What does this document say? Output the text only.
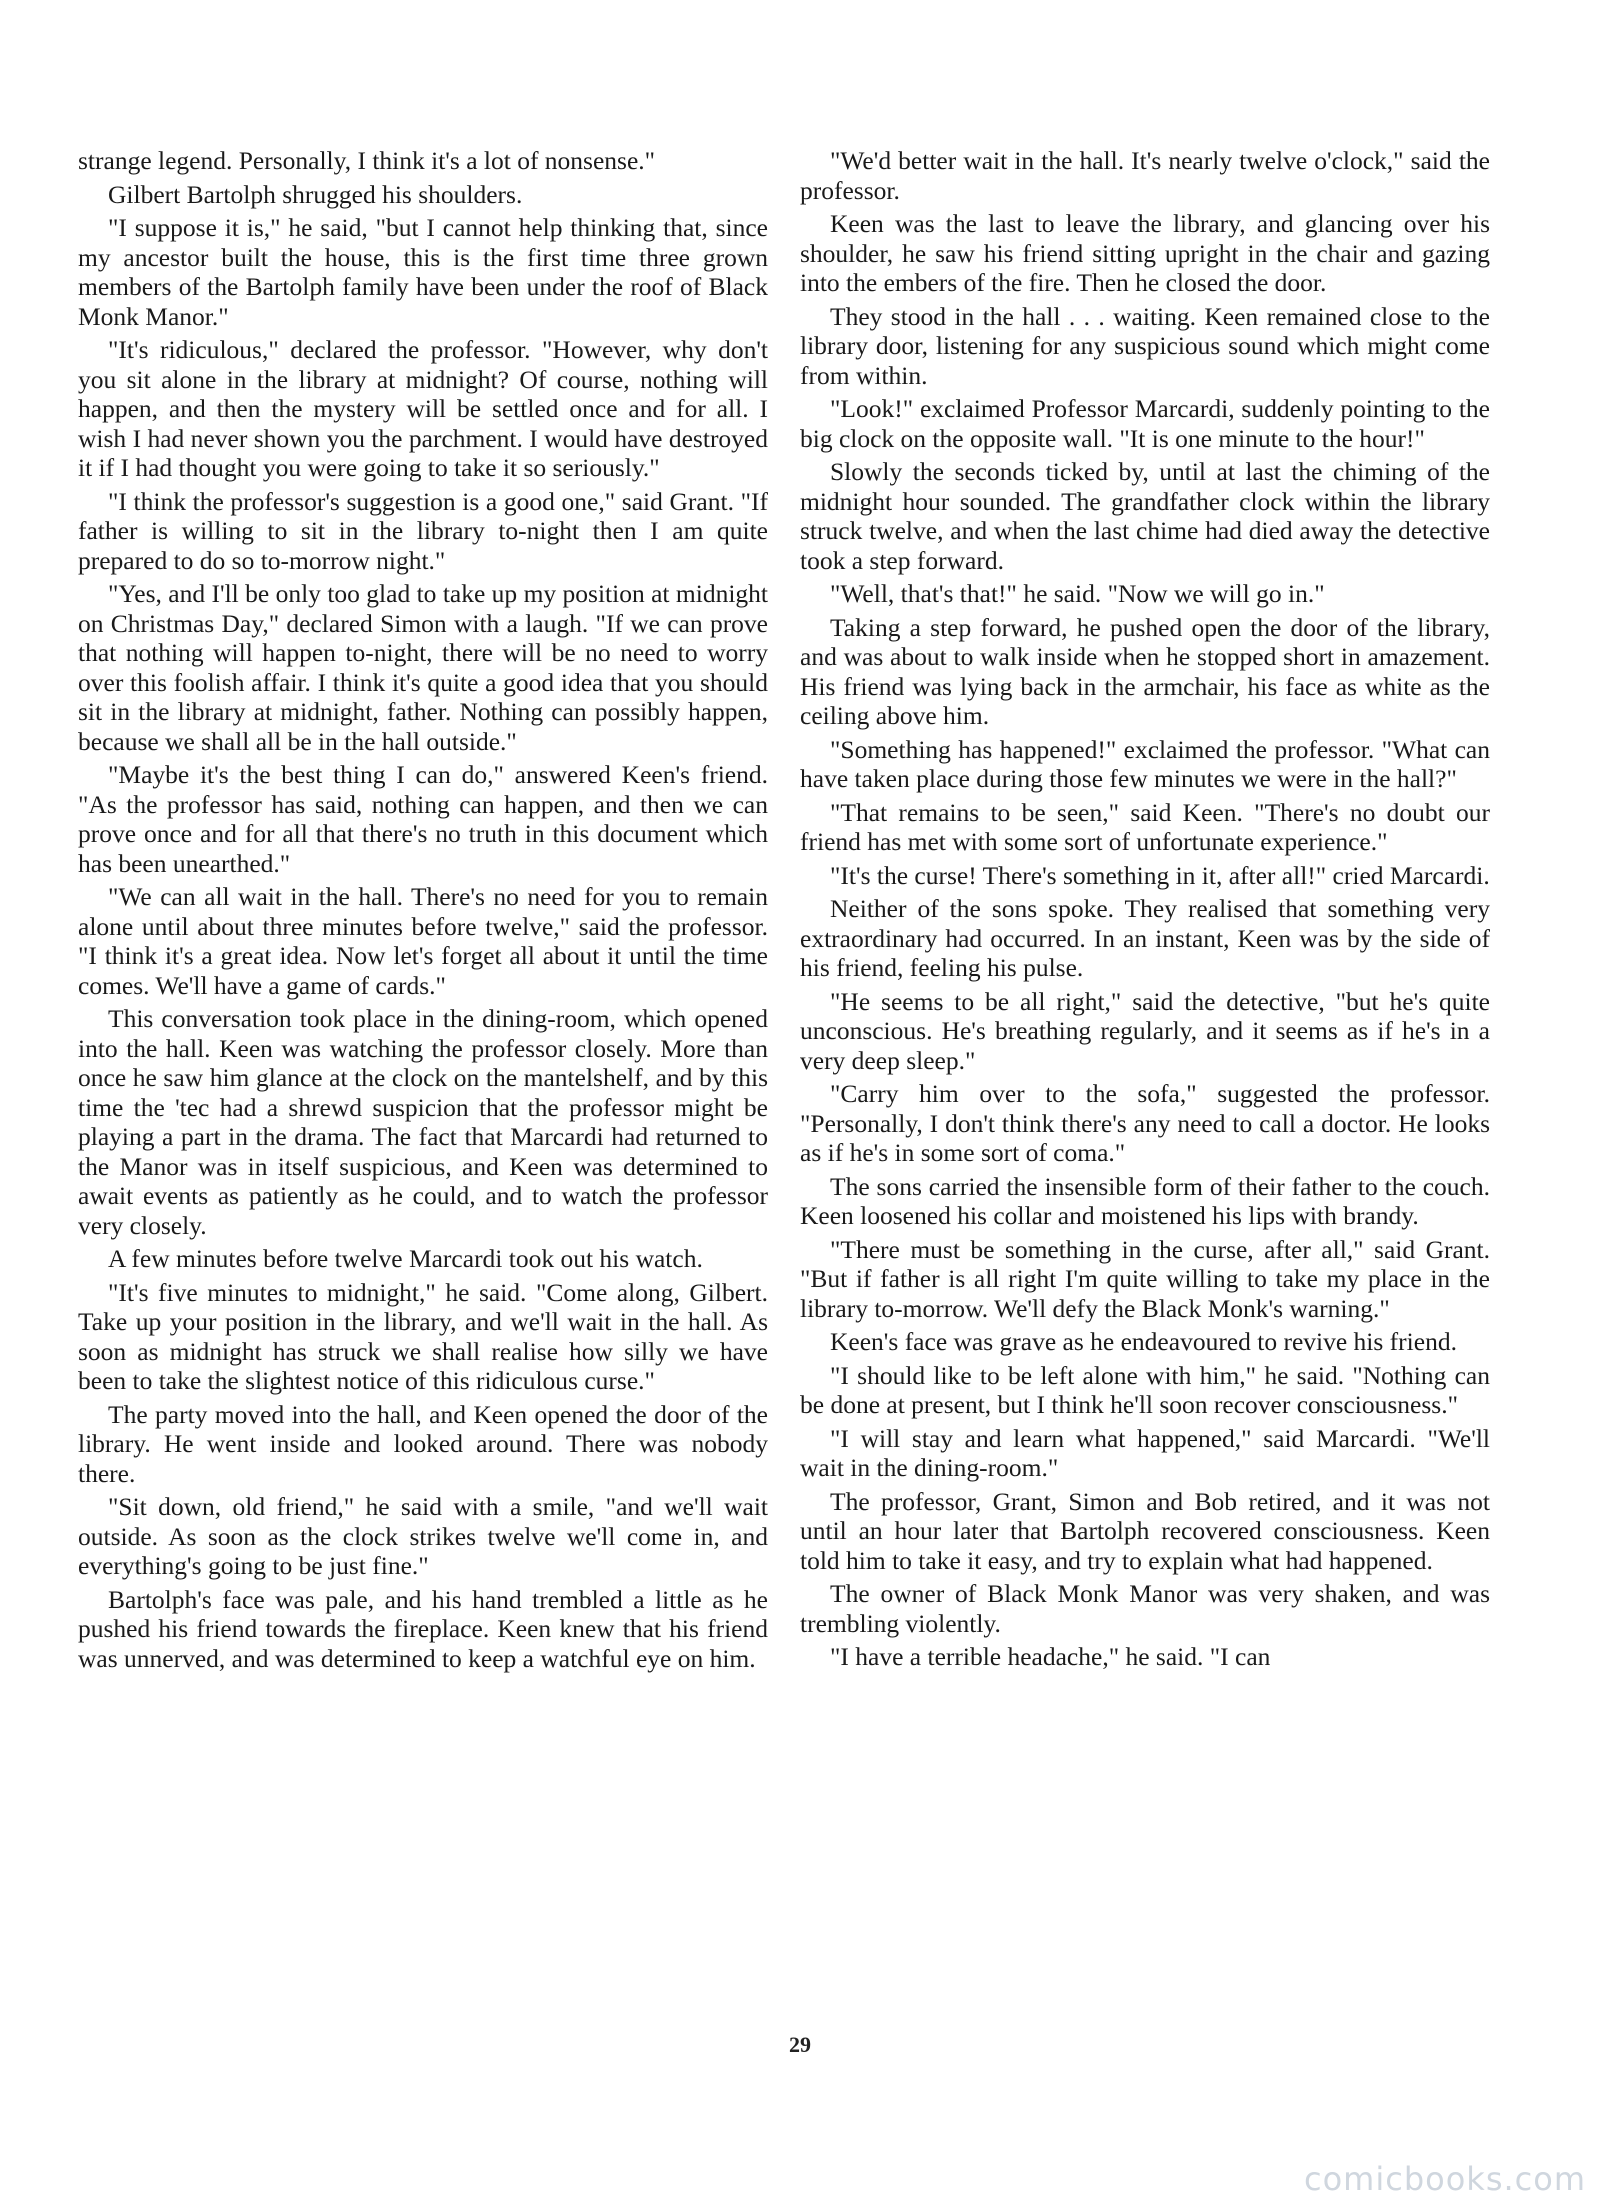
strange legend. Personally, I think it's a lot of nonsense."

Gilbert Bartolph shrugged his shoulders.

"I suppose it is," he said, "but I cannot help thinking that, since my ancestor built the house, this is the first time three grown members of the Bartolph family have been under the roof of Black Monk Manor."

"It's ridiculous," declared the professor. "However, why don't you sit alone in the library at midnight? Of course, nothing will happen, and then the mystery will be settled once and for all. I wish I had never shown you the parchment. I would have destroyed it if I had thought you were going to take it so seriously."

"I think the professor's suggestion is a good one," said Grant. "If father is willing to sit in the library to-night then I am quite prepared to do so to-morrow night."

"Yes, and I'll be only too glad to take up my position at midnight on Christmas Day," declared Simon with a laugh. "If we can prove that nothing will happen to-night, there will be no need to worry over this foolish affair. I think it's quite a good idea that you should sit in the library at midnight, father. Nothing can possibly happen, because we shall all be in the hall outside."

"Maybe it's the best thing I can do," answered Keen's friend. "As the professor has said, nothing can happen, and then we can prove once and for all that there's no truth in this document which has been unearthed."

"We can all wait in the hall. There's no need for you to remain alone until about three minutes before twelve," said the professor. "I think it's a great idea. Now let's forget all about it until the time comes. We'll have a game of cards."

This conversation took place in the dining-room, which opened into the hall. Keen was watching the professor closely. More than once he saw him glance at the clock on the mantelshelf, and by this time the 'tec had a shrewd suspicion that the professor might be playing a part in the drama. The fact that Marcardi had returned to the Manor was in itself suspicious, and Keen was determined to await events as patiently as he could, and to watch the professor very closely.

A few minutes before twelve Marcardi took out his watch.

"It's five minutes to midnight," he said. "Come along, Gilbert. Take up your position in the library, and we'll wait in the hall. As soon as midnight has struck we shall realise how silly we have been to take the slightest notice of this ridiculous curse."

The party moved into the hall, and Keen opened the door of the library. He went inside and looked around. There was nobody there.

"Sit down, old friend," he said with a smile, "and we'll wait outside. As soon as the clock strikes twelve we'll come in, and everything's going to be just fine."

Bartolph's face was pale, and his hand trembled a little as he pushed his friend towards the fireplace. Keen knew that his friend was unnerved, and was determined to keep a watchful eye on him.

"We'd better wait in the hall. It's nearly twelve o'clock," said the professor.

Keen was the last to leave the library, and glancing over his shoulder, he saw his friend sitting upright in the chair and gazing into the embers of the fire. Then he closed the door.

They stood in the hall . . . waiting. Keen remained close to the library door, listening for any suspicious sound which might come from within.

"Look!" exclaimed Professor Marcardi, suddenly pointing to the big clock on the opposite wall. "It is one minute to the hour!"

Slowly the seconds ticked by, until at last the chiming of the midnight hour sounded. The grandfather clock within the library struck twelve, and when the last chime had died away the detective took a step forward.

"Well, that's that!" he said. "Now we will go in."

Taking a step forward, he pushed open the door of the library, and was about to walk inside when he stopped short in amazement. His friend was lying back in the armchair, his face as white as the ceiling above him.

"Something has happened!" exclaimed the professor. "What can have taken place during those few minutes we were in the hall?"

"That remains to be seen," said Keen. "There's no doubt our friend has met with some sort of unfortunate experience."

"It's the curse! There's something in it, after all!" cried Marcardi.

Neither of the sons spoke. They realised that something very extraordinary had occurred. In an instant, Keen was by the side of his friend, feeling his pulse.

"He seems to be all right," said the detective, "but he's quite unconscious. He's breathing regularly, and it seems as if he's in a very deep sleep."

"Carry him over to the sofa," suggested the professor. "Personally, I don't think there's any need to call a doctor. He looks as if he's in some sort of coma."

The sons carried the insensible form of their father to the couch. Keen loosened his collar and moistened his lips with brandy.

"There must be something in the curse, after all," said Grant. "But if father is all right I'm quite willing to take my place in the library to-morrow. We'll defy the Black Monk's warning."

Keen's face was grave as he endeavoured to revive his friend.

"I should like to be left alone with him," he said. "Nothing can be done at present, but I think he'll soon recover consciousness."

"I will stay and learn what happened," said Marcardi. "We'll wait in the dining-room."

The professor, Grant, Simon and Bob retired, and it was not until an hour later that Bartolph recovered consciousness. Keen told him to take it easy, and try to explain what had happened.

The owner of Black Monk Manor was very shaken, and was trembling violently.

"I have a terrible headache," he said. "I can

29
comicbooks.com
